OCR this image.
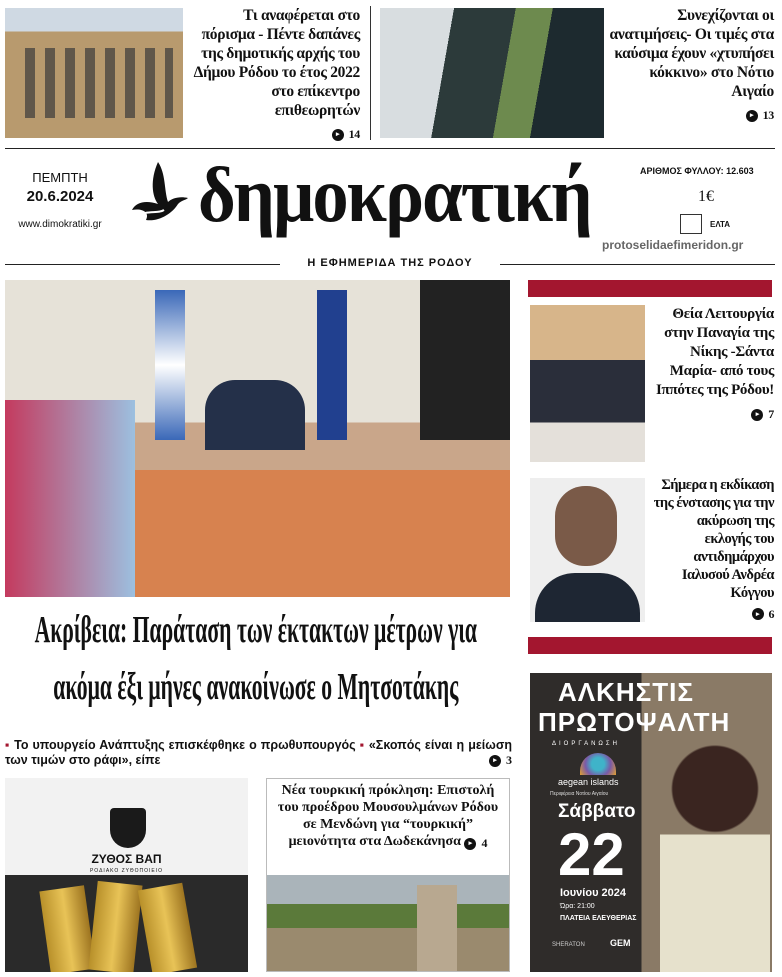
Τι αναφέρεται στο πόρισμα - Πέντε δαπάνες της δημοτικής αρχής του Δήμου Ρόδου το έτος 2022 στο επίκεντρο επιθεωρητών
▸ 14
Συνεχίζονται οι ανατιμήσεις- Οι τιμές στα καύσιμα έχουν «χτυπήσει κόκκινο» στο Νότιο Αιγαίο
▸ 13
ΠΕΜΠΤΗ
20.6.2024
www.dimokratiki.gr δημοκρατική	ΑΡΙΘΜΟΣ ΦΥΛΛΟΥ: 12.603
1€
ΕΛΤΑ
protoselidaefimeridon.gr
Η ΕΦΗΜΕΡΙΔΑ ΤΗΣ ΡΟΔΟΥ
Ακρίβεια: Παράταση των έκτακτων μέτρων για ακόμα έξι μήνες ανακοίνωσε ο Μητσοτάκης
▪ Το υπουργείο Ανάπτυξης επισκέφθηκε ο πρωθυπουργός ▪ «Σκοπός είναι η μείωση των τιμών στο ράφι», είπε	▸ 3
ΖΥΘΟΣ ΒΑΠ
ΡΟΔΙΑΚΟ ΖΥΘΟΠΟΙΕΙΟ
Νέα τουρκική πρόκληση: Επιστολή του προέδρου Μουσουλμάνων Ρόδου σε Μενδώνη για “τουρκική” μειονότητα στα Δωδεκάνησα	▸ 4
Θεία Λειτουργία στην Παναγία της Νίκης -Σάντα Μαρία- από τους Ιππότες της Ρόδου!
▸ 7
Σήμερα η εκδίκαση της ένστασης για την ακύρωση της εκλογής του αντιδημάρχου Ιαλυσού Ανδρέα Κόγγου
▸ 6
ΑΛΚΗΣΤΙΣ
ΠΡΩΤΟΨΑΛΤΗ
ΔΙΟΡΓΑΝΩΣΗ
aegean islands
Περιφέρεια Νοτίου Αιγαίου
Σάββατο
22
Ιουνίου 2024
Ώρα: 21:00
ΠΛΑΤΕΙΑ ΕΛΕΥΘΕΡΙΑΣ
SHERATON	GEM
